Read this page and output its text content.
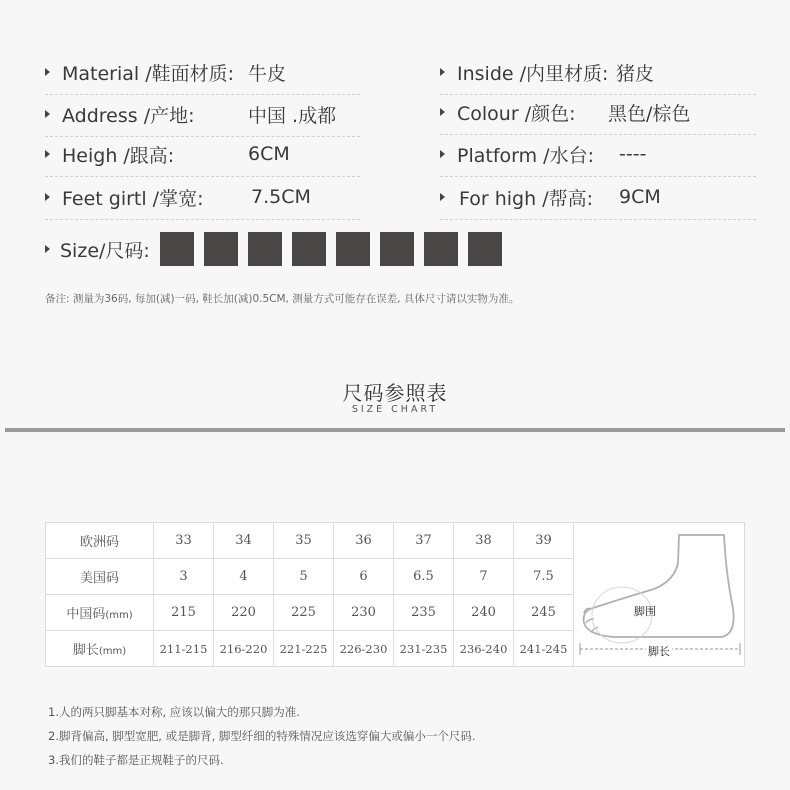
Material /鞋面材质: 牛皮	Inside /内里材质: 猪皮
Address /产地:	中国 .成都	Colour /颜色: 黑色/棕色
Heigh /跟高:	6CM	Platform /水台: ----
Feet girtl /掌宽:	7.5CM	For high /帮高: 9CM
Size/尺码:
备注: 测量为36码, 每加(减)一码, 鞋长加(减)0.5CM, 测量方式可能存在误差, 具体尺寸请以实物为准。
尺码参照表
SIZE CHART
欧洲码	33	34	35	36	37	38	39	脚围
脚长

美国码	3	4	5	6	6.5	7	7.5	
中国码(mm)	215	220	225	230	235	240	245	
脚长(mm)	211-215	216-220	221-225	226-230	231-235	236-240	241-245	
1.人的两只脚基本对称, 应该以偏大的那只脚为准.
2.脚背偏高, 脚型宽肥, 或是脚背, 脚型纤细的特殊情况应该选穿偏大或偏小一个尺码.
3.我们的鞋子都是正规鞋子的尺码.
